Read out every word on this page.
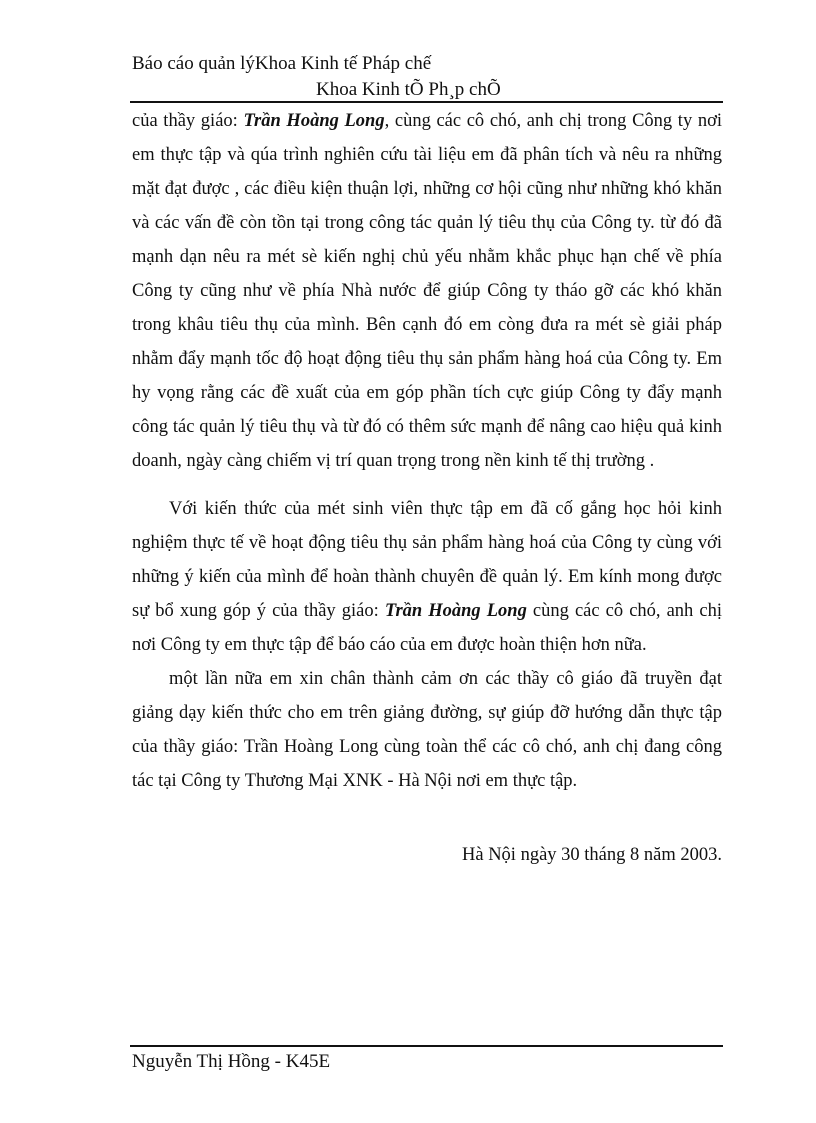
Báo cáo quản lýKhoa Kinh tế Pháp chế
Khoa Kinh tÕ Ph¸p chÕ

của thầy giáo: Trần Hoàng Long, cùng các cô chó, anh chị trong Công ty nơi em thực tập và qúa trình nghiên cứu tài liệu em đã phân tích và nêu ra những mặt đạt được , các điều kiện thuận lợi, những cơ hội cũng như những khó khăn và các vấn đề còn tồn tại trong công tác quản lý tiêu thụ của Công ty. từ đó đã mạnh dạn nêu ra mét sè kiến nghị chủ yếu nhằm khắc phục hạn chế về phía Công ty cũng như về phía Nhà nước để giúp Công ty tháo gỡ các khó khăn trong khâu tiêu thụ của mình. Bên cạnh đó em còng đưa ra mét sè giải pháp nhằm đẩy mạnh tốc độ hoạt động tiêu thụ sản phẩm hàng hoá của Công ty. Em hy vọng rằng các đề xuất của em góp phần tích cực giúp Công ty đẩy mạnh công tác quản lý tiêu thụ và từ đó có thêm sức mạnh để nâng cao hiệu quả kinh doanh, ngày càng chiếm vị trí quan trọng trong nền kinh tế thị trường .

Với kiến thức của mét sinh viên thực tập em đã cố gắng học hỏi kinh nghiệm thực tế về hoạt động tiêu thụ sản phẩm hàng hoá của Công ty cùng với những ý kiến của mình để hoàn thành chuyên đề quản lý. Em kính mong được sự bổ xung góp ý của thầy giáo: Trần Hoàng Long cùng các cô chó, anh chị nơi Công ty em thực tập để báo cáo của em được hoàn thiện hơn nữa.

một lần nữa em xin chân thành cảm ơn các thầy cô giáo đã truyền đạt giảng dạy kiến thức cho em trên giảng đường, sự giúp đỡ hướng dẫn thực tập của thầy giáo: Trần Hoàng Long cùng toàn thể các cô chó, anh chị đang công tác tại Công ty Thương Mại XNK - Hà Nội nơi em thực tập.

Hà Nội ngày 30 tháng 8 năm 2003.
Nguyễn Thị Hồng - K45E
